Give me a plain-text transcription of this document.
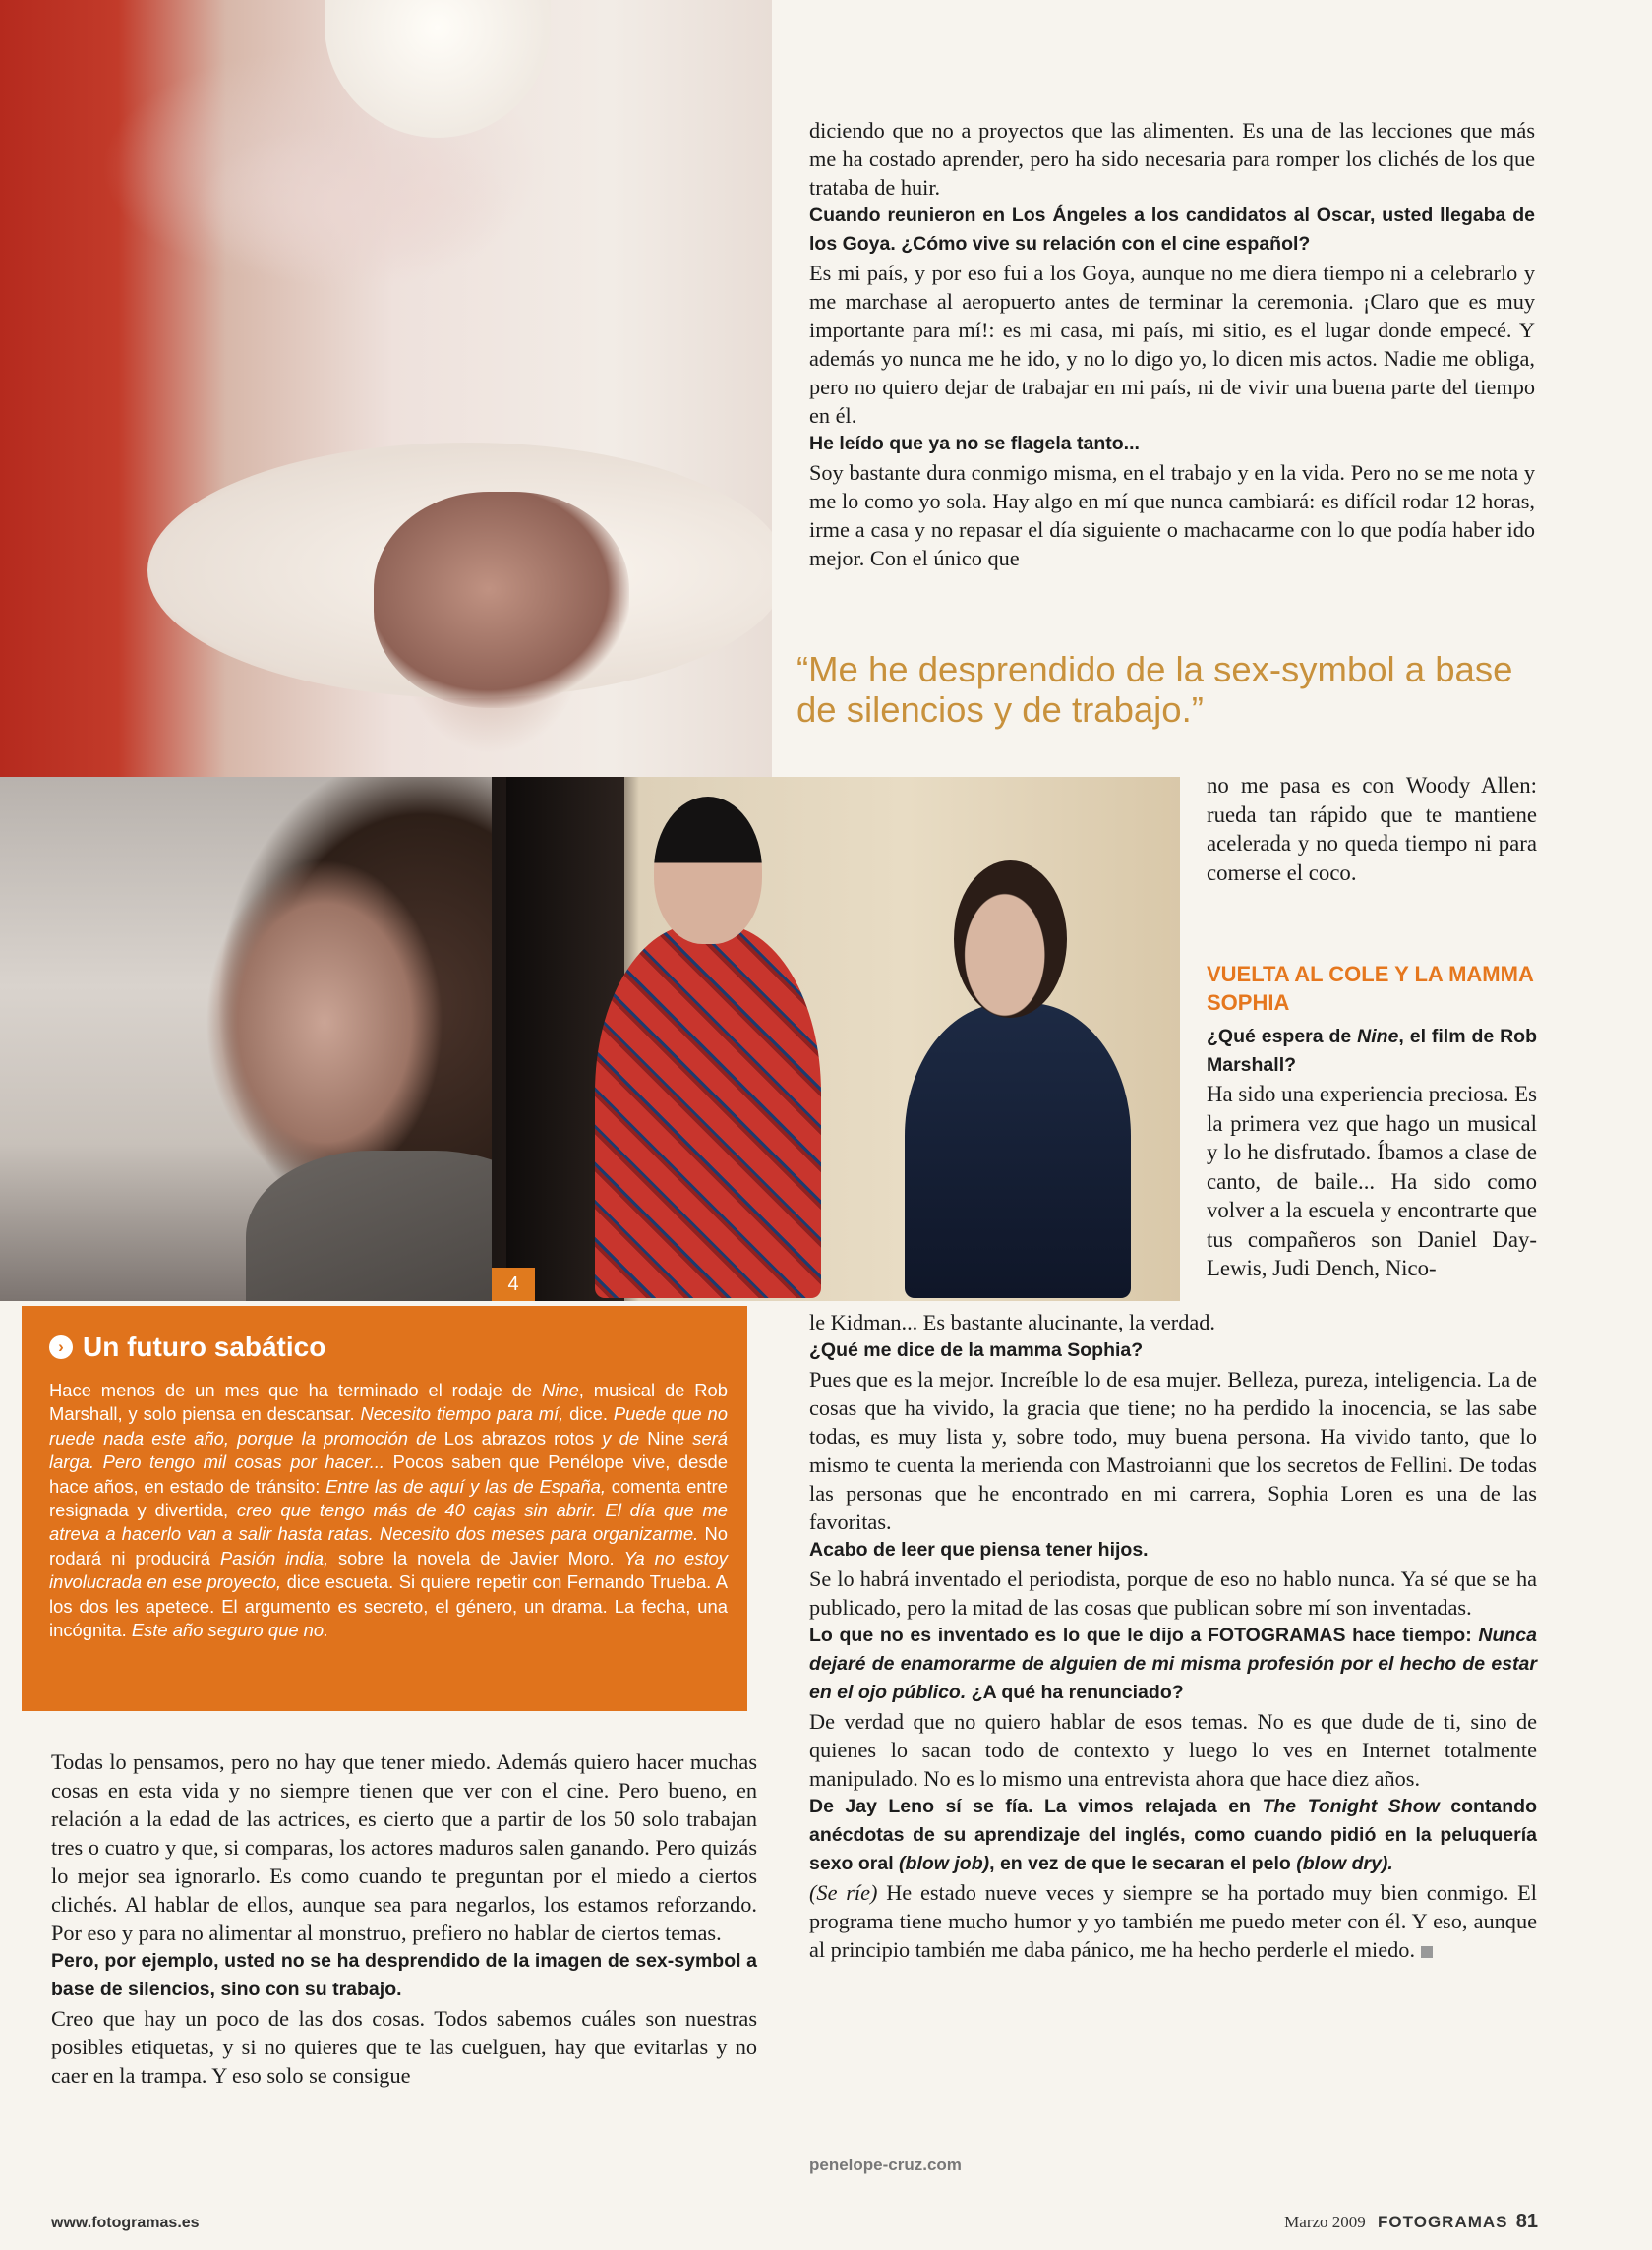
4

diciendo que no a proyectos que las alimenten. Es una de las lecciones que más me ha costado aprender, pero ha sido necesaria para romper los clichés de los que trataba de huir.

Cuando reunieron en Los Ángeles a los candidatos al Oscar, usted llegaba de los Goya. ¿Cómo vive su relación con el cine español?

Es mi país, y por eso fui a los Goya, aunque no me diera tiempo ni a celebrarlo y me marchase al aeropuerto antes de terminar la ceremonia. ¡Claro que es muy importante para mí!: es mi casa, mi país, mi sitio, es el lugar donde empecé. Y además yo nunca me he ido, y no lo digo yo, lo dicen mis actos. Nadie me obliga, pero no quiero dejar de trabajar en mi país, ni de vivir una buena parte del tiempo en él.

He leído que ya no se flagela tanto...

Soy bastante dura conmigo misma, en el trabajo y en la vida. Pero no se me nota y me lo como yo sola. Hay algo en mí que nunca cambiará: es difícil rodar 12 horas, irme a casa y no repasar el día siguiente o machacarme con lo que podía haber ido mejor. Con el único que

“Me he desprendido de la sex-symbol a base de silencios y de trabajo.”

no me pasa es con Woody Allen: rueda tan rápido que te mantiene acelerada y no queda tiempo ni para comerse el coco.

VUELTA AL COLE Y LA MAMMA SOPHIA

¿Qué espera de Nine, el film de Rob Marshall?

Ha sido una experiencia preciosa. Es la primera vez que hago un musical y lo he disfrutado. Íbamos a clase de canto, de baile... Ha sido como volver a la escuela y encontrarte que tus compañeros son Daniel Day-Lewis, Judi Dench, Nico-

le Kidman... Es bastante alucinante, la verdad.

¿Qué me dice de la mamma Sophia?

Pues que es la mejor. Increíble lo de esa mujer. Belleza, pureza, inteligencia. La de cosas que ha vivido, la gracia que tiene; no ha perdido la inocencia, se las sabe todas, es muy lista y, sobre todo, muy buena persona. Ha vivido tanto, que lo mismo te cuenta la merienda con Mastroianni que los secretos de Fellini. De todas las personas que he encontrado en mi carrera, Sophia Loren es una de las favoritas.

Acabo de leer que piensa tener hijos.

Se lo habrá inventado el periodista, porque de eso no hablo nunca. Ya sé que se ha publicado, pero la mitad de las cosas que publican sobre mí son inventadas.

Lo que no es inventado es lo que le dijo a FOTOGRAMAS hace tiempo: Nunca dejaré de enamorarme de alguien de mi misma profesión por el hecho de estar en el ojo público. ¿A qué ha renunciado?

De verdad que no quiero hablar de esos temas. No es que dude de ti, sino de quienes lo sacan todo de contexto y luego lo ves en Internet totalmente manipulado. No es lo mismo una entrevista ahora que hace diez años.

De Jay Leno sí se fía. La vimos relajada en The Tonight Show contando anécdotas de su aprendizaje del inglés, como cuando pidió en la peluquería sexo oral (blow job), en vez de que le secaran el pelo (blow dry).

(Se ríe) He estado nueve veces y siempre se ha portado muy bien conmigo. El programa tiene mucho humor y yo también me puedo meter con él. Y eso, aunque al principio también me daba pánico, me ha hecho perderle el miedo.

penelope-cruz.com
› Un futuro sabático
Hace menos de un mes que ha terminado el rodaje de Nine, musical de Rob Marshall, y solo piensa en descansar. Necesito tiempo para mí, dice. Puede que no ruede nada este año, porque la promoción de Los abrazos rotos y de Nine será larga. Pero tengo mil cosas por hacer... Pocos saben que Penélope vive, desde hace años, en estado de tránsito: Entre las de aquí y las de España, comenta entre resignada y divertida, creo que tengo más de 40 cajas sin abrir. El día que me atreva a hacerlo van a salir hasta ratas. Necesito dos meses para organizarme. No rodará ni producirá Pasión india, sobre la novela de Javier Moro. Ya no estoy involucrada en ese proyecto, dice escueta. Si quiere repetir con Fernando Trueba. A los dos les apetece. El argumento es secreto, el género, un drama. La fecha, una incógnita. Este año seguro que no.

Todas lo pensamos, pero no hay que tener miedo. Además quiero hacer muchas cosas en esta vida y no siempre tienen que ver con el cine. Pero bueno, en relación a la edad de las actrices, es cierto que a partir de los 50 solo trabajan tres o cuatro y que, si comparas, los actores maduros salen ganando. Pero quizás lo mejor sea ignorarlo. Es como cuando te preguntan por el miedo a ciertos clichés. Al hablar de ellos, aunque sea para negarlos, los estamos reforzando. Por eso y para no alimentar al monstruo, prefiero no hablar de ciertos temas.

Pero, por ejemplo, usted no se ha desprendido de la imagen de sex-symbol a base de silencios, sino con su trabajo.

Creo que hay un poco de las dos cosas. Todos sabemos cuáles son nuestras posibles etiquetas, y si no quieres que te las cuelguen, hay que evitarlas y no caer en la trampa. Y eso solo se consigue

www.fotogramas.es	Marzo 2009 FOTOGRAMAS 81
